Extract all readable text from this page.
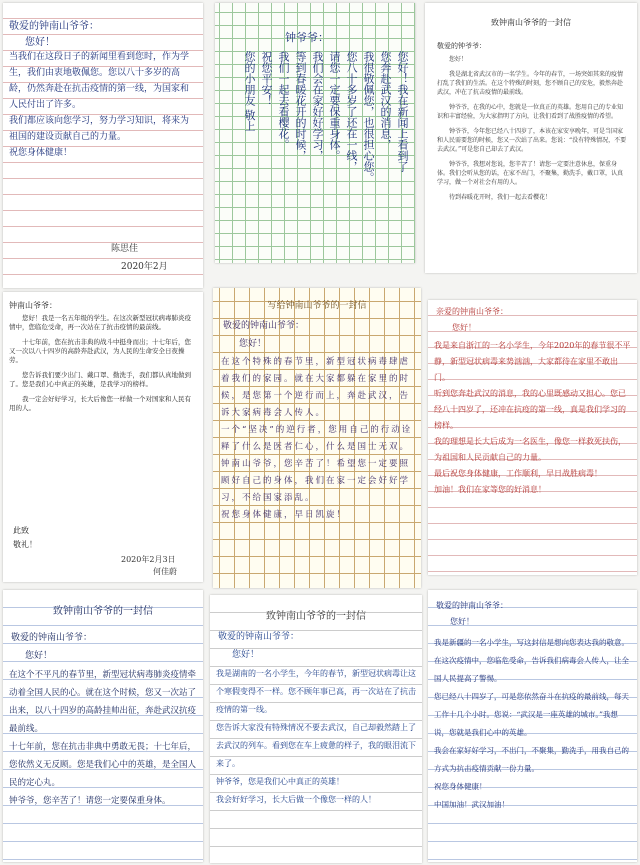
敬爱的钟南山爷爷：
您好！
当我们在这段日子的新闻里看到您时，作为学生，我们由衷地敬佩您。您以八十多岁的高龄，仍然奔赴在抗击疫情的第一线，为国家和人民付出了许多。
我们都应该向您学习，努力学习知识，将来为祖国的建设贡献自己的力量。
祝您身体健康！
陈思佳
2020年2月
钟爷爷：
您好！我在新闻上看到了
您奔赴武汉的消息，
我很敬佩您，也很担心您。
您八十多岁了还在一线，
请您一定要保重身体。
我们会在家好好学习，
等到春暖花开的时候，
我们一起去看樱花。
祝您平安！
您的小朋友 敬上
致钟南山爷爷的一封信
敬爱的钟爷爷：
您好！
我是湖北省武汉市的一名学生。今年的春节，一场突如其来的疫情打乱了我们的生活。在这个特殊的时刻，您不顾自己的安危，毅然奔赴武汉，冲在了抗击疫情的最前线。
钟爷爷，在我的心中，您就是一位真正的英雄。您用自己的专业知识和丰富经验，为大家指明了方向，让我们看到了战胜疫情的希望。
钟爷爷，今年您已经八十四岁了，本该在家安享晚年，可是当国家和人民需要您的时候，您又一次站了出来。您说：“没有特殊情况，不要去武汉。”可是您自己却去了武汉。
钟爷爷，我想对您说，您辛苦了！请您一定要注意休息，保重身体。我们会听从您的话，在家不出门，不聚集，勤洗手，戴口罩，认真学习，做一个对社会有用的人。
待到春暖花开时，我们一起去看樱花！
钟南山爷爷：
您好！我是一名五年级的学生。在这次新型冠状病毒肺炎疫情中，您临危受命，再一次站在了抗击疫情的最前线。
十七年前，您在抗击非典的战斗中挺身而出；十七年后，您又一次以八十四岁的高龄奔赴武汉，为人民的生命安全日夜操劳。
您告诉我们要少出门、戴口罩、勤洗手，我们都认真地做到了。您是我们心中真正的英雄，是我学习的榜样。
我一定会好好学习，长大后像您一样做一个对国家和人民有用的人。
此致
敬礼！
2020年2月3日
何佳蔚
写给钟南山爷爷的一封信
敬爱的钟南山爷爷：
您好！
在这个特殊的春节里，新型冠状病毒肆虐着我们的家园。就在大家都躲在家里的时候，是您第一个逆行而上，奔赴武汉，告诉大家病毒会人传人。
一个“坚决”的逆行者，您用自己的行动诠释了什么是医者仁心，什么是国士无双。
钟南山爷爷，您辛苦了！希望您一定要照顾好自己的身体，我们在家一定会好好学习，不给国家添乱。
祝您身体健康，早日凯旋！
亲爱的钟南山爷爷：
您好！
我是来自浙江的一名小学生，今年2020年的春节很不平静，新型冠状病毒来势汹汹，大家都待在家里不敢出门。
听到您奔赴武汉的消息，我的心里既感动又担心。您已经八十四岁了，还冲在抗疫的第一线，真是我们学习的榜样。
我的理想是长大后成为一名医生，像您一样救死扶伤，为祖国和人民贡献自己的力量。
最后祝您身体健康，工作顺利，早日战胜病毒！
加油！我们在家等您的好消息！
致钟南山爷爷的一封信
敬爱的钟南山爷爷：
您好！
在这个不平凡的春节里，新型冠状病毒肺炎疫情牵动着全国人民的心。就在这个时候，您又一次站了出来，以八十四岁的高龄挂帅出征，奔赴武汉抗疫最前线。
十七年前，您在抗击非典中勇敢无畏；十七年后，您依然义无反顾。您是我们心中的英雄，是全国人民的定心丸。
钟爷爷，您辛苦了！请您一定要保重身体。
致钟南山爷爷的一封信
敬爱的钟南山爷爷：
您好！
我是湖南的一名小学生，今年的春节，新型冠状病毒让这个寒假变得不一样。您不顾年事已高，再一次站在了抗击疫情的第一线。
您告诉大家没有特殊情况不要去武汉，自己却毅然踏上了去武汉的列车。看到您在车上疲惫的样子，我的眼泪流下来了。
钟爷爷，您是我们心中真正的英雄！
我会好好学习，长大后做一个像您一样的人！
敬爱的钟南山爷爷：
您好！
我是新疆的一名小学生，写这封信是想向您表达我的敬意。在这次疫情中，您临危受命，告诉我们病毒会人传人，让全国人民提高了警惕。
您已经八十四岁了，可是您依然奋斗在抗疫的最前线，每天工作十几个小时。您说：“武汉是一座英雄的城市。”我想说，您就是我们心中的英雄。
我会在家好好学习，不出门，不聚集，勤洗手，用我自己的方式为抗击疫情贡献一份力量。
祝您身体健康！
中国加油！武汉加油！
